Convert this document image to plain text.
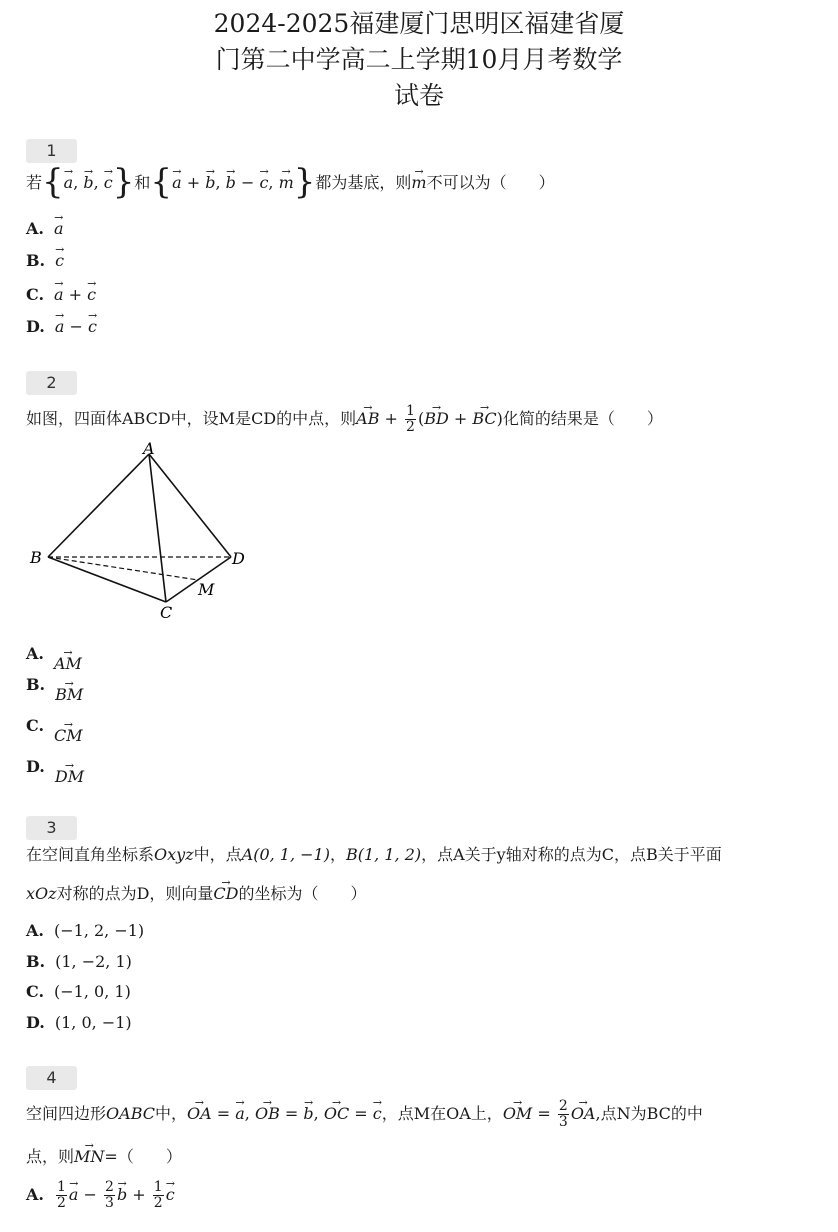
2024-2025福建厦门思明区福建省厦
门第二中学高二上学期10月月考数学
试卷
1
若{→ a, → b, → c}和{→ a + → b, → b − → c, → m}都为基底，则→ m不可以为（　　）
A.→ a
B.→ c
C.→ a + → c
D.→ a − → c
2
如图，四面体ABCD中，设M是CD的中点，则→ AB + $\frac{1}{2}$ (→ BD + → BC)化简的结果是（　　）
A
B
C
D
M
A.→ AM
B.→ BM
C.→ CM
D.→ DM
3
在空间直角坐标系Oxyz中，点A(0, 1, −1)，B(1, 1, 2)，点A关于y轴对称的点为C，点B关于平面
xOz对称的点为D，则向量→ CD的坐标为（　　）
A. (−1, 2, −1)
B. (1, −2, 1)
C. (−1, 0, 1)
D. (1, 0, −1)
4
空间四边形OABC中，→ OA = → a, → OB = → b, → OC = → c，点M在OA上，→ OM = $\frac{2}{3}$
→ OA,点N为BC的中
点，则→ MN=（　　）
A. $\frac{1}{2}$
→ $a - \frac{2}{3}$
→ $b + \frac{1}{2}$
→ c
